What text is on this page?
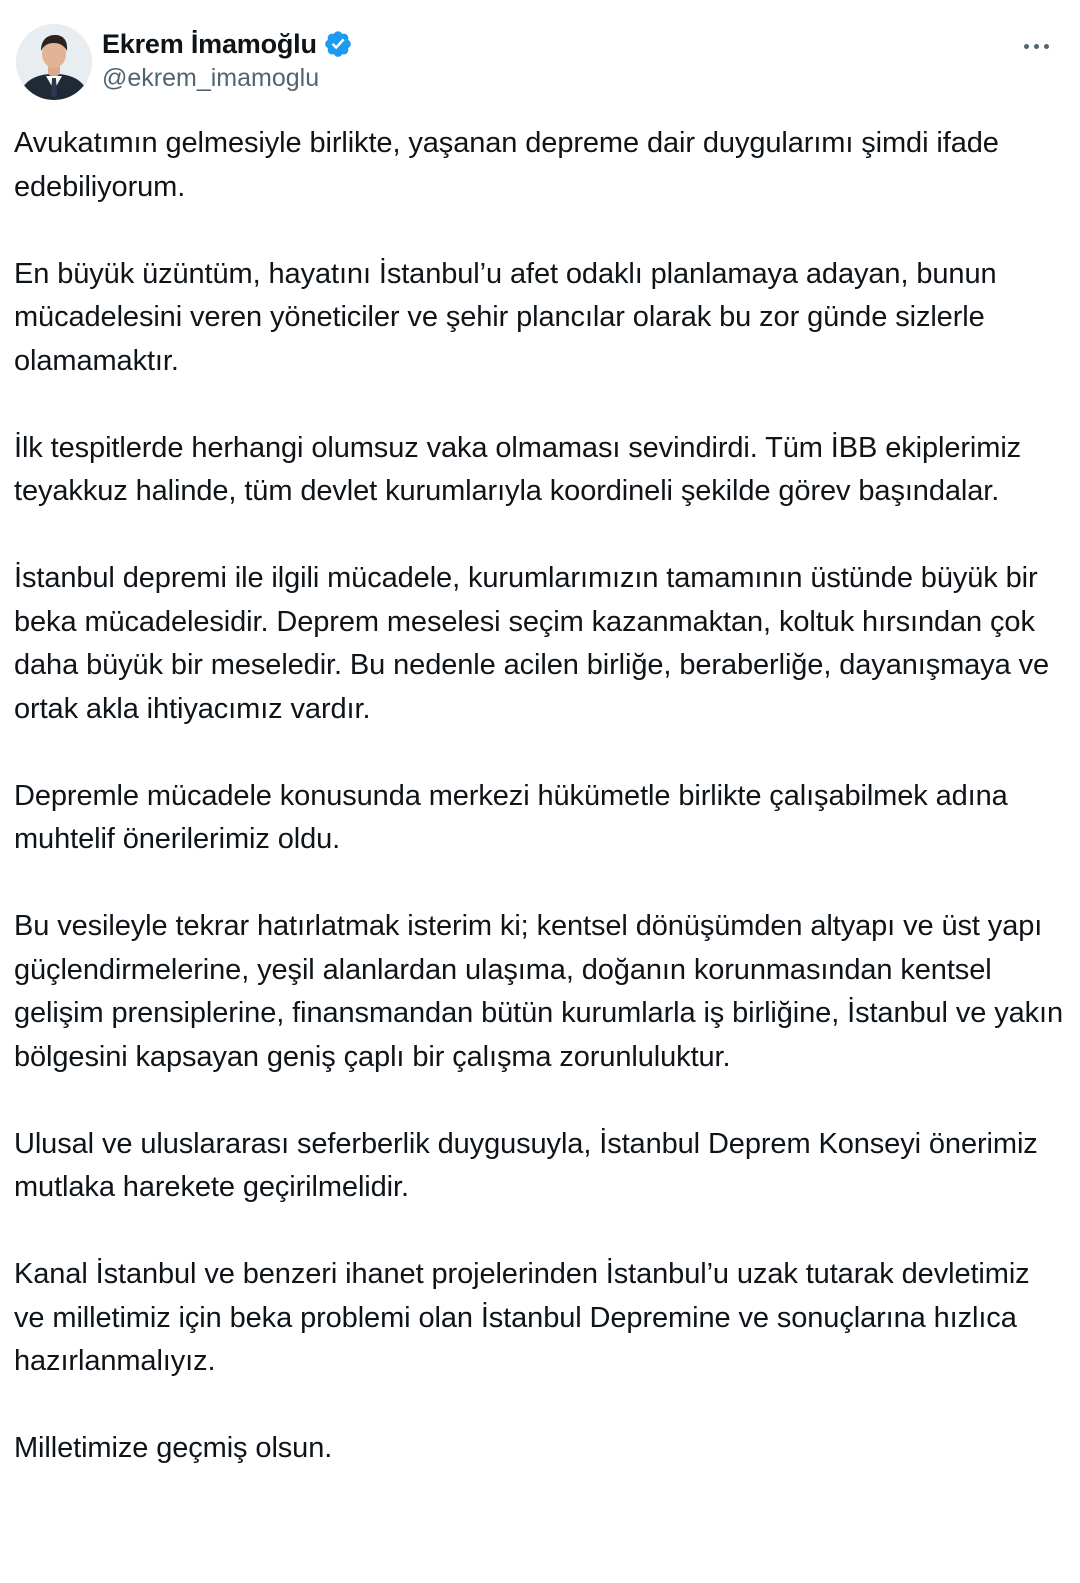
Ekrem İmamoğlu
@ekrem_imamoglu

Avukatımın gelmesiyle birlikte, yaşanan depreme dair duygularımı şimdi ifade edebiliyorum.

En büyük üzüntüm, hayatını İstanbul’u afet odaklı planlamaya adayan, bunun mücadelesini veren yöneticiler ve şehir plancılar olarak bu zor günde sizlerle olamamaktır.

İlk tespitlerde herhangi olumsuz vaka olmaması sevindirdi. Tüm İBB ekiplerimiz teyakkuz halinde, tüm devlet kurumlarıyla koordineli şekilde görev başındalar.

İstanbul depremi ile ilgili mücadele, kurumlarımızın tamamının üstünde büyük bir beka mücadelesidir. Deprem meselesi seçim kazanmaktan, koltuk hırsından çok daha büyük bir meseledir. Bu nedenle acilen birliğe, beraberliğe, dayanışmaya ve ortak akla ihtiyacımız vardır.

Depremle mücadele konusunda merkezi hükümetle birlikte çalışabilmek adına muhtelif önerilerimiz oldu.

Bu vesileyle tekrar hatırlatmak isterim ki; kentsel dönüşümden altyapı ve üst yapı güçlendirmelerine, yeşil alanlardan ulaşıma, doğanın korunmasından kentsel gelişim prensiplerine, finansmandan bütün kurumlarla iş birliğine, İstanbul ve yakın bölgesini kapsayan geniş çaplı bir çalışma zorunluluktur.

Ulusal ve uluslararası seferberlik duygusuyla, İstanbul Deprem Konseyi önerimiz mutlaka harekete geçirilmelidir.

Kanal İstanbul ve benzeri ihanet projelerinden İstanbul’u uzak tutarak devletimiz ve milletimiz için beka problemi olan İstanbul Depremine ve sonuçlarına hızlıca hazırlanmalıyız.

Milletimize geçmiş olsun.
